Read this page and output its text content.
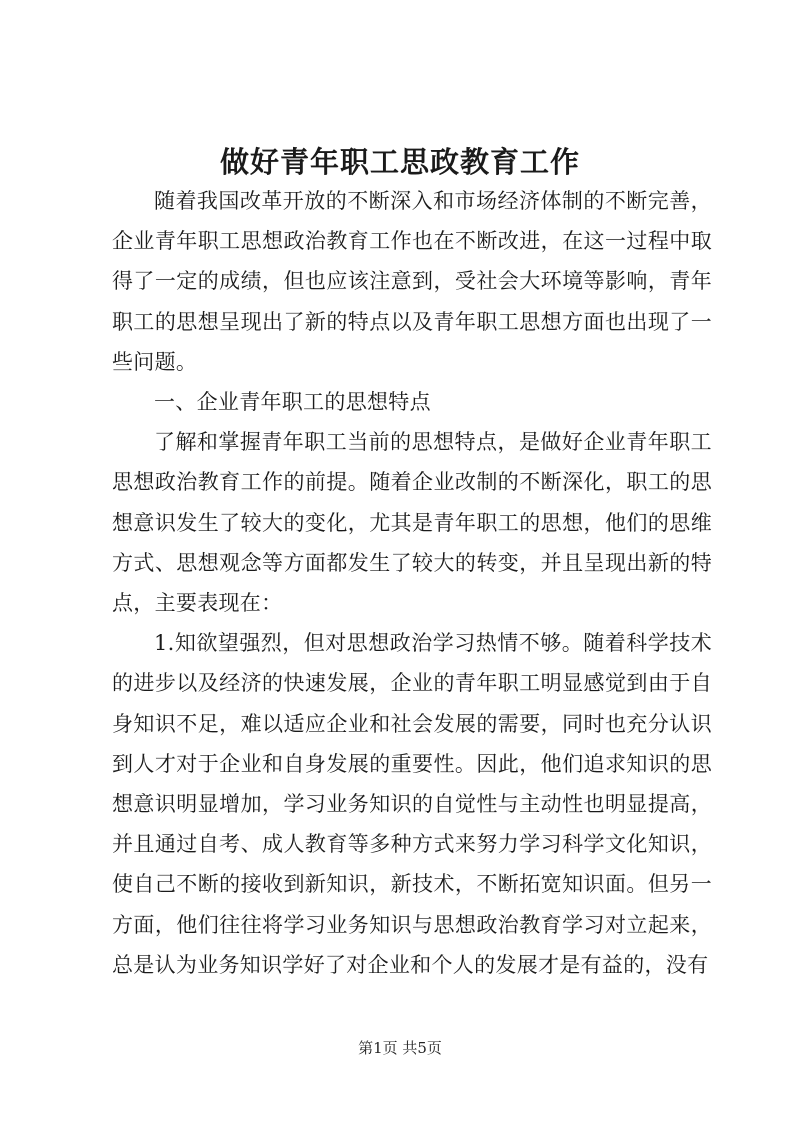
做好青年职工思政教育工作

随着我国改革开放的不断深入和市场经济体制的不断完善，企业青年职工思想政治教育工作也在不断改进，在这一过程中取得了一定的成绩，但也应该注意到，受社会大环境等影响，青年职工的思想呈现出了新的特点以及青年职工思想方面也出现了一些问题。

一、企业青年职工的思想特点

了解和掌握青年职工当前的思想特点，是做好企业青年职工思想政治教育工作的前提。随着企业改制的不断深化，职工的思想意识发生了较大的变化，尤其是青年职工的思想，他们的思维方式、思想观念等方面都发生了较大的转变，并且呈现出新的特点，主要表现在：

1.知欲望强烈，但对思想政治学习热情不够。随着科学技术的进步以及经济的快速发展，企业的青年职工明显感觉到由于自身知识不足，难以适应企业和社会发展的需要，同时也充分认识到人才对于企业和自身发展的重要性。因此，他们追求知识的思想意识明显增加，学习业务知识的自觉性与主动性也明显提高，并且通过自考、成人教育等多种方式来努力学习科学文化知识，使自己不断的接收到新知识，新技术，不断拓宽知识面。但另一方面，他们往往将学习业务知识与思想政治教育学习对立起来，总是认为业务知识学好了对企业和个人的发展才是有益的，没有

第1页 共5页
